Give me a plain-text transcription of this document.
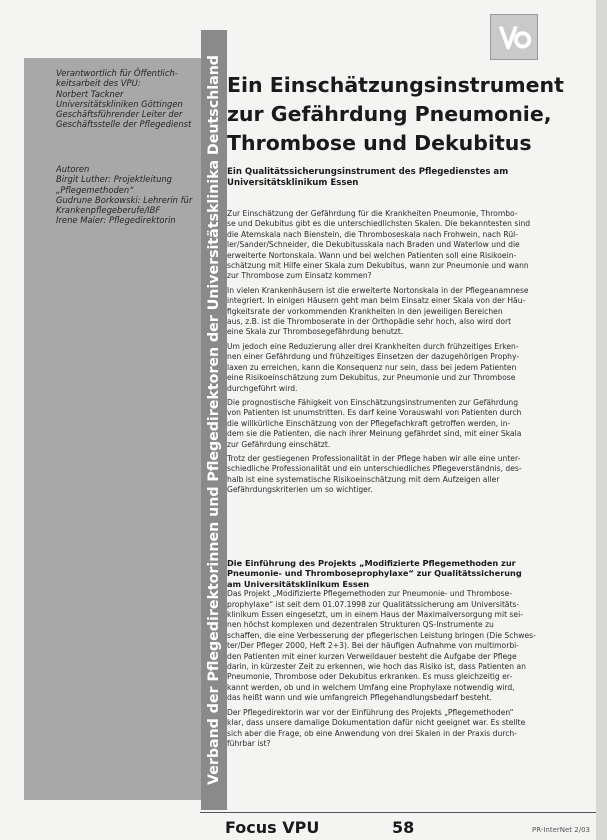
Verantwortlich für Öffentlich-

keitsarbeit des VPU:

Norbert Tackner

Universitätskliniken Göttingen

Geschäftsführender Leiter der

Geschäftsstelle der Pflegedienst

Autoren

Birgit Luther: Projektleitung

„Pflegemethoden“

Gudrune Borkowski: Lehrerin für

Krankenpflegeberufe/IBF

Irene Maier: Pflegedirektorin	Verband der Pflegedirektorinnen und Pflegedirektoren der Universitätsklinika Deutschland Ein Einschätzungsinstrument
zur Gefährdung Pneumonie,
Thrombose und Dekubitus
Ein Qualitätssicherungsinstrument des Pflegedienstes am
Universitätsklinikum Essen

Zur Einschätzung der Gefährdung für die Krankheiten Pneumonie, Thrombo-
se und Dekubitus gibt es die unterschiedlichsten Skalen. Die bekanntesten sind
die Atemskala nach Bienstein, die Thromboseskala nach Frohwein, nach Rül-
ler/Sander/Schneider, die Dekubitusskala nach Braden und Waterlow und die
erweiterte Nortonskala. Wann und bei welchen Patienten soll eine Risikoein-
schätzung mit Hilfe einer Skala zum Dekubitus, wann zur Pneumonie und wann
zur Thrombose zum Einsatz kommen?

In vielen Krankenhäusern ist die erweiterte Nortonskala in der Pflegeanamnese
integriert. In einigen Häusern geht man beim Einsatz einer Skala von der Häu-
figkeitsrate der vorkommenden Krankheiten in den jeweiligen Bereichen
aus, z.B. ist die Thromboserate in der Orthopädie sehr hoch, also wird dort
eine Skala zur Thrombosegefährdung benutzt.

Um jedoch eine Reduzierung aller drei Krankheiten durch frühzeitiges Erken-
nen einer Gefährdung und frühzeitiges Einsetzen der dazugehörigen Prophy-
laxen zu erreichen, kann die Konsequenz nur sein, dass bei jedem Patienten
eine Risikoeinschätzung zum Dekubitus, zur Pneumonie und zur Thrombose
durchgeführt wird.

Die prognostische Fähigkeit von Einschätzungsinstrumenten zur Gefährdung
von Patienten ist unumstritten. Es darf keine Vorauswahl von Patienten durch
die willkürliche Einschätzung von der Pflegefachkraft getroffen werden, in-
dem sie die Patienten, die nach ihrer Meinung gefährdet sind, mit einer Skala
zur Gefährdung einschätzt.

Trotz der gestiegenen Professionalität in der Pflege haben wir alle eine unter-
schiedliche Professionalität und ein unterschiedliches Pflegeverständnis, des-
halb ist eine systematische Risikoeinschätzung mit dem Aufzeigen aller
Gefährdungskriterien um so wichtiger.

Die Einführung des Projekts „Modifizierte Pflegemethoden zur
Pneumonie- und Thromboseprophylaxe“ zur Qualitätssicherung
am Universitätsklinikum Essen

Das Projekt „Modifizierte Pflegemethoden zur Pneumonie- und Thrombose-
prophylaxe“ ist seit dem 01.07.1998 zur Qualitätssicherung am Universitäts-
klinikum Essen eingesetzt, um in einem Haus der Maximalversorgung mit sei-
nen höchst komplexen und dezentralen Strukturen QS-Instrumente zu
schaffen, die eine Verbesserung der pflegerischen Leistung bringen (Die Schwes-
ter/Der Pfleger 2000, Heft 2+3). Bei der häufigen Aufnahme von multimorbi-
den Patienten mit einer kurzen Verweildauer besteht die Aufgabe der Pflege
darin, in kürzester Zeit zu erkennen, wie hoch das Risiko ist, dass Patienten an
Pneumonie, Thrombose oder Dekubitus erkranken. Es muss gleichzeitig er-
kannt werden, ob und in welchem Umfang eine Prophylaxe notwendig wird,
das heißt wann und wie umfangreich Pflegehandlungsbedarf besteht.

Der Pflegedirektorin war vor der Einführung des Projekts „Pflegemethoden“
klar, dass unsere damalige Dokumentation dafür nicht geeignet war. Es stellte
sich aber die Frage, ob eine Anwendung von drei Skalen in der Praxis durch-
führbar ist?

Focus VPU	58	PR-InterNet 2/03
